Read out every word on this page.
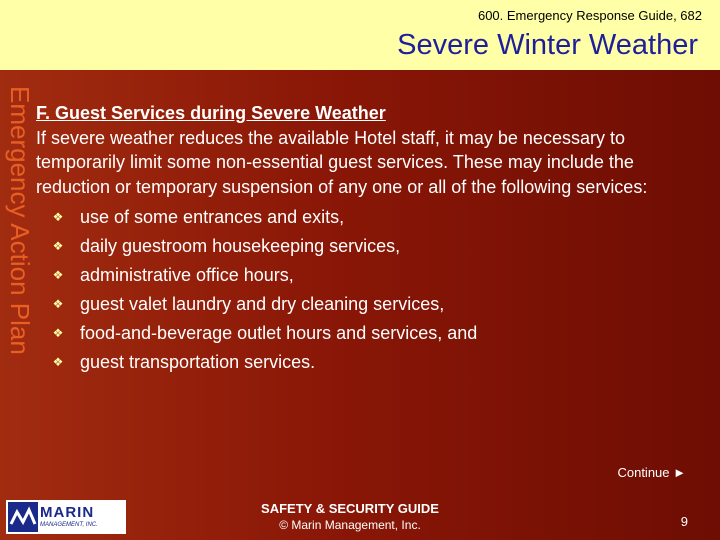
600. Emergency Response Guide, 682
Severe Winter Weather
Emergency Action Plan F. Guest Services during Severe Weather

If severe weather reduces the available Hotel staff, it may be necessary to temporarily limit some non-essential guest services. These may include the reduction or temporary suspension of any one or all of the following services:

❖ use of some entrances and exits,
❖ daily guestroom housekeeping services,
❖ administrative office hours,
❖ guest valet laundry and dry cleaning services,
❖ food-and-beverage outlet hours and services, and
❖ guest transportation services.
Continue ►
MARIN
MANAGEMENT, INC.
SAFETY & SECURITY GUIDE
© Marin Management, Inc.	9
